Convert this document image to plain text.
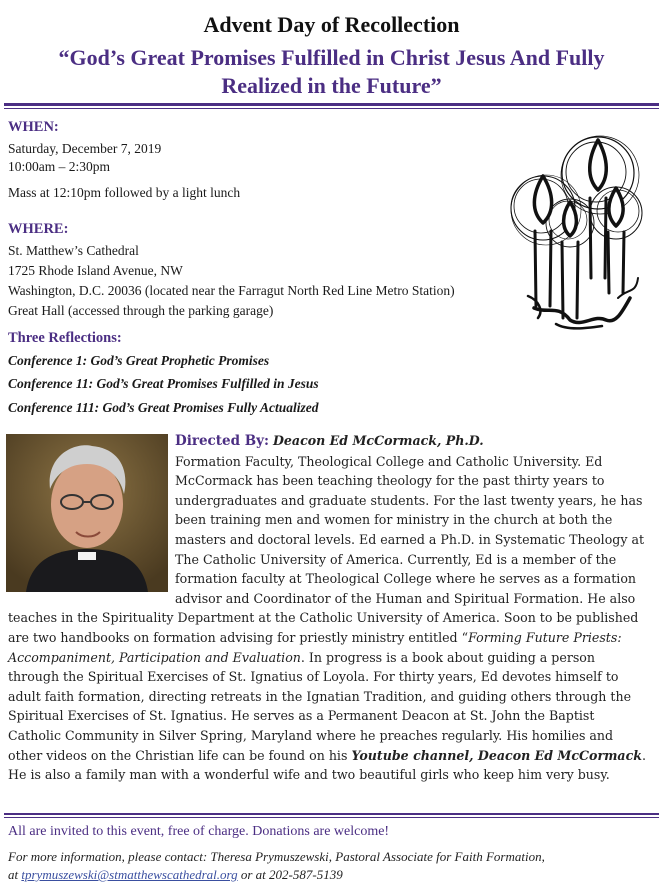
Advent Day of Recollection
“God’s Great Promises Fulfilled in Christ Jesus And Fully
Realized in the Future”
WHEN:
Saturday, December 7, 2019
10:00am – 2:30pm
Mass at 12:10pm followed by a light lunch
WHERE:
St. Matthew’s Cathedral
1725 Rhode Island Avenue, NW
Washington, D.C. 20036 (located near the Farragut North Red Line Metro Station)
Great Hall (accessed through the parking garage)
Three Reflections:
Conference 1: God’s Great Prophetic Promises
Conference 11: God’s Great Promises Fulfilled in Jesus
Conference 111: God’s Great Promises Fully Actualized
Directed By: Deacon Ed McCormack, Ph.D.
Formation Faculty, Theological College and Catholic University. Ed McCormack has been teaching theology for the past thirty years to undergraduates and graduate students. For the last twenty years, he has been training men and women for ministry in the church at both the masters and doctoral levels. Ed earned a Ph.D. in Systematic Theology at The Catholic University of America. Currently, Ed is a member of the formation faculty at Theological College where he serves as a formation advisor and Coordinator of the Human and Spiritual Formation. He also teaches in the Spirituality Department at the Catholic University of America. Soon to be published are two handbooks on formation advising for priestly ministry entitled “Forming Future Priests: Accompaniment, Participation and Evaluation. In progress is a book about guiding a person through the Spiritual Exercises of St. Ignatius of Loyola. For thirty years, Ed devotes himself to adult faith formation, directing retreats in the Ignatian Tradition, and guiding others through the Spiritual Exercises of St. Ignatius. He serves as a Permanent Deacon at St. John the Baptist Catholic Community in Silver Spring, Maryland where he preaches regularly. His homilies and other videos on the Christian life can be found on his Youtube channel, Deacon Ed McCormack. He is also a family man with a wonderful wife and two beautiful girls who keep him very busy.
All are invited to this event, free of charge. Donations are welcome!
For more information, please contact: Theresa Prymuszewski, Pastoral Associate for Faith Formation,
at tprymuszewski@stmatthewscathedral.org or at 202-587-5139
